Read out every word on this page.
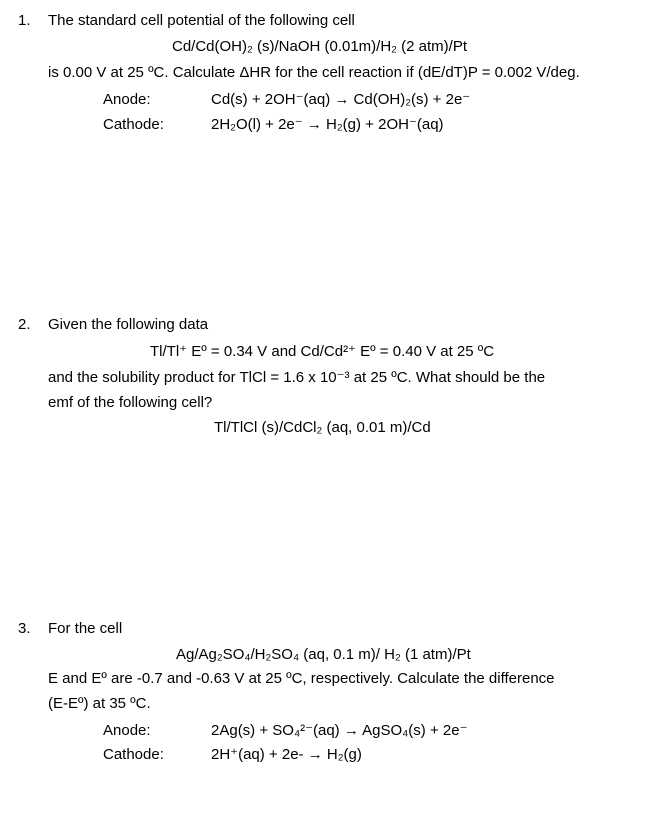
1. The standard cell potential of the following cell
Cd/Cd(OH)₂ (s)/NaOH (0.01m)/H₂ (2 atm)/Pt
is 0.00 V at 25 ºC. Calculate ΔHR for the cell reaction if (dE/dT)P = 0.002 V/deg.
Anode:	Cd(s) + 2OH⁻(aq) → Cd(OH)₂(s) + 2e⁻
Cathode:	2H₂O(l) + 2e⁻ → H₂(g) + 2OH⁻(aq)
2. Given the following data
Tl/Tl⁺ Eº = 0.34 V and Cd/Cd²⁺ Eº = 0.40 V at 25 ºC
and the solubility product for TlCl = 1.6 x 10⁻³ at 25 ºC. What should be the
emf of the following cell?
Tl/TlCl (s)/CdCl₂ (aq, 0.01 m)/Cd
3. For the cell
Ag/Ag₂SO₄/H₂SO₄ (aq, 0.1 m)/ H₂ (1 atm)/Pt
E and Eº are -0.7 and -0.63 V at 25 ºC, respectively. Calculate the difference
(E-Eº) at 35 ºC.
Anode:	2Ag(s) + SO₄²⁻(aq) → AgSO₄(s) + 2e⁻
Cathode:	2H⁺(aq) + 2e- → H₂(g)
